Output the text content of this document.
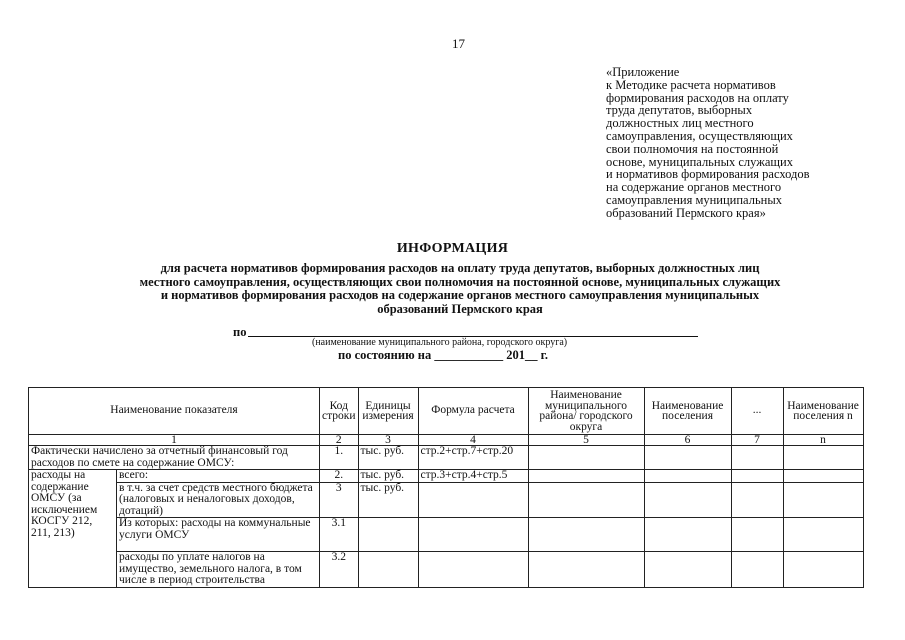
17
«Приложение
к Методике расчета нормативов
формирования расходов на оплату
труда депутатов, выборных
должностных лиц местного
самоуправления, осуществляющих
свои полномочия на постоянной
основе, муниципальных служащих
и нормативов формирования расходов
на содержание органов местного
самоуправления муниципальных
образований Пермского края»
ИНФОРМАЦИЯ
для расчета нормативов формирования расходов на оплату труда депутатов, выборных должностных лиц
местного самоуправления, осуществляющих свои полномочия на постоянной основе, муниципальных служащих
и нормативов формирования расходов на содержание органов местного самоуправления муниципальных
образований Пермского края
по
(наименование муниципального района, городского округа)
по состоянию на ___________ 201__ г.
Наименование показателя		Код строки	Единицы измерения	Формула расчета	Наименование муниципального района/ городского округа	Наименование поселения	...	Наименование поселения n
1		2	3	4	5	6	7	n
Фактически начислено за отчетный финансовый год расходов по смете на содержание ОМСУ:		1.	тыс. руб.	стр.2+стр.7+стр.20				
расходы на содержание ОМСУ (за исключением КОСГУ 212, 211, 213)	всего:	2.	тыс. руб.	стр.3+стр.4+стр.5				
	в т.ч. за счет средств местного бюджета (налоговых и неналоговых доходов, дотаций)	3	тыс. руб.					
	Из которых: расходы на коммунальные услуги ОМСУ	3.1						
	расходы по уплате налогов на имущество, земельного налога, в том числе в период строительства	3.2						
